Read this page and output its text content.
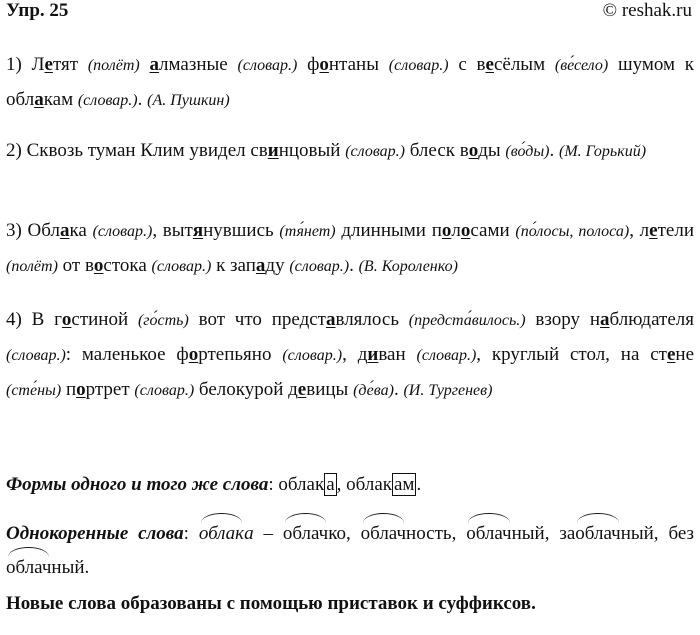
Упр. 25	© reshak.ru
1) Летят (полёт) алмазные (словар.) фонтаны (словар.) с весёлым (ве́село) шумом к облакам (словар.). (А. Пушкин)
2) Сквозь туман Клим увидел свинцовый (словар.) блеск воды (во́ды). (М. Горький)
3) Облака (словар.), вытянувшись (тя́нет) длинными полосами (по́лосы, полоса), летели (полёт) от востока (словар.) к западу (словар.). (В. Короленко)
4) В гостиной (го́сть) вот что представлялось (предста́вилось.) взору наблюдателя (словар.): маленькое фортепьяно (словар.), диван (словар.), круглый стол, на стене (сте́ны) портрет (словар.) белокурой девицы (де́ва). (И. Тургенев)
Формы одного и того же слова: облак а , облак ам .
Однокоренные слова: облака – облачко, облачность, облачный, заоблачный, безоблачный.
Новые слова образованы с помощью приставок и суффиксов.
